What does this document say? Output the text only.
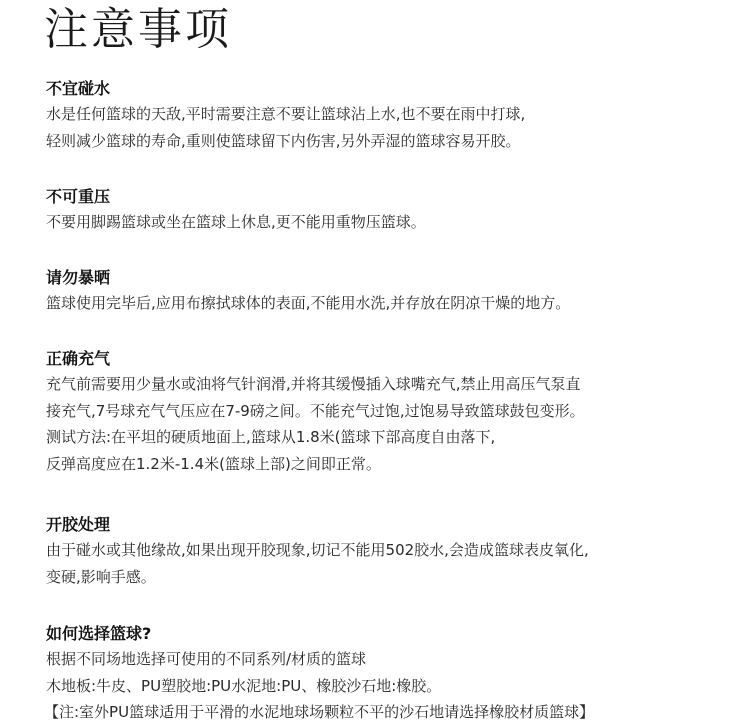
注意事项

不宜碰水

水是任何篮球的天敌,平时需要注意不要让篮球沾上水,也不要在雨中打球,

轻则减少篮球的寿命,重则使篮球留下内伤害,另外弄湿的篮球容易开胶。

不可重压

不要用脚踢篮球或坐在篮球上休息,更不能用重物压篮球。

请勿暴晒

篮球使用完毕后,应用布擦拭球体的表面,不能用水洗,并存放在阴凉干燥的地方。

正确充气

充气前需要用少量水或油将气针润滑,并将其缓慢插入球嘴充气,禁止用高压气泵直

接充气,7号球充气气压应在7-9磅之间。不能充气过饱,过饱易导致篮球鼓包变形。

测试方法:在平坦的硬质地面上,篮球从1.8米(篮球下部高度自由落下,

反弹高度应在1.2米-1.4米(篮球上部)之间即正常。

开胶处理

由于碰水或其他缘故,如果出现开胶现象,切记不能用502胶水,会造成篮球表皮氧化,

变硬,影响手感。

如何选择篮球?

根据不同场地选择可使用的不同系列/材质的篮球

木地板:牛皮、PU塑胶地:PU水泥地:PU、橡胶沙石地:橡胶。

【注:室外PU篮球适用于平滑的水泥地球场颗粒不平的沙石地请选择橡胶材质篮球】
